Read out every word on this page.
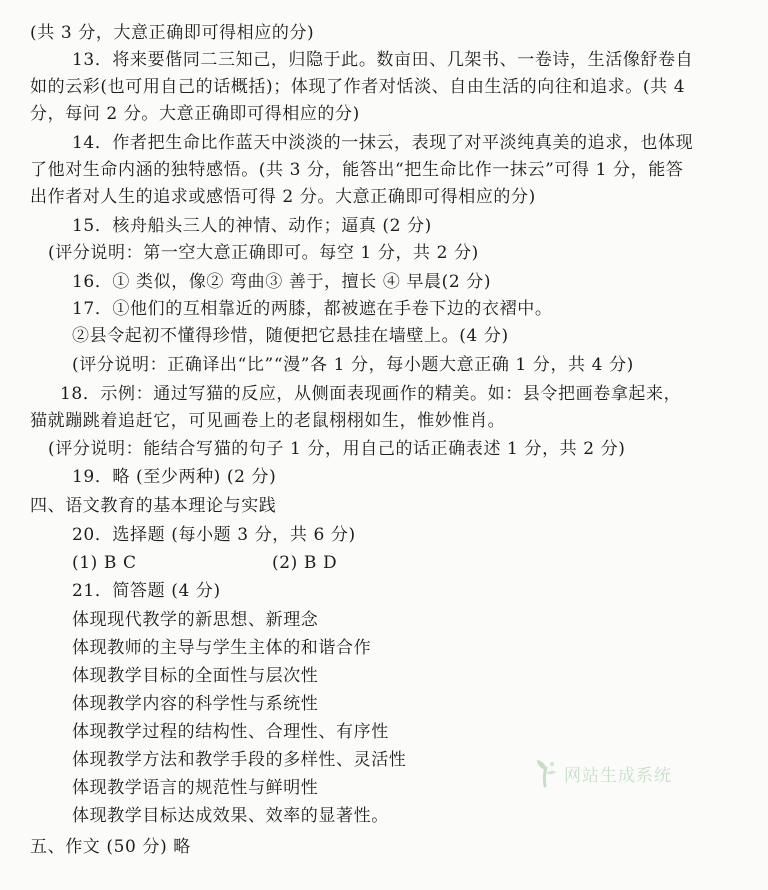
(共 3 分，大意正确即可得相应的分)
13．将来要偕同二三知己，归隐于此。数亩田、几架书、一卷诗，生活像舒卷自
如的云彩(也可用自己的话概括)；体现了作者对恬淡、自由生活的向往和追求。(共 4
分，每问 2 分。大意正确即可得相应的分)
14．作者把生命比作蓝天中淡淡的一抹云，表现了对平淡纯真美的追求，也体现
了他对生命内涵的独特感悟。(共 3 分，能答出“把生命比作一抹云”可得 1 分，能答
出作者对人生的追求或感悟可得 2 分。大意正确即可得相应的分)
15．核舟船头三人的神情、动作；逼真 (2 分)
(评分说明：第一空大意正确即可。每空 1 分，共 2 分)
16．① 类似，像② 弯曲③ 善于，擅长 ④ 早晨(2 分)
17．①他们的互相靠近的两膝，都被遮在手卷下边的衣褶中。
②县令起初不懂得珍惜，随便把它悬挂在墙壁上。(4 分)
(评分说明：正确译出“比”“漫”各 1 分，每小题大意正确 1 分，共 4 分)
18．示例：通过写猫的反应，从侧面表现画作的精美。如：县令把画卷拿起来，
猫就蹦跳着追赶它，可见画卷上的老鼠栩栩如生，惟妙惟肖。
(评分说明：能结合写猫的句子 1 分，用自己的话正确表述 1 分，共 2 分)
19．略 (至少两种) (2 分)
四、语文教育的基本理论与实践
20．选择题 (每小题 3 分，共 6 分)
(1) B C	(2) B D
21．简答题 (4 分)
体现现代教学的新思想、新理念
体现教师的主导与学生主体的和谐合作
体现教学目标的全面性与层次性
体现教学内容的科学性与系统性
体现教学过程的结构性、合理性、有序性
体现教学方法和教学手段的多样性、灵活性
体现教学语言的规范性与鲜明性
体现教学目标达成效果、效率的显著性。
五、作文 (50 分) 略
网站生成系统
